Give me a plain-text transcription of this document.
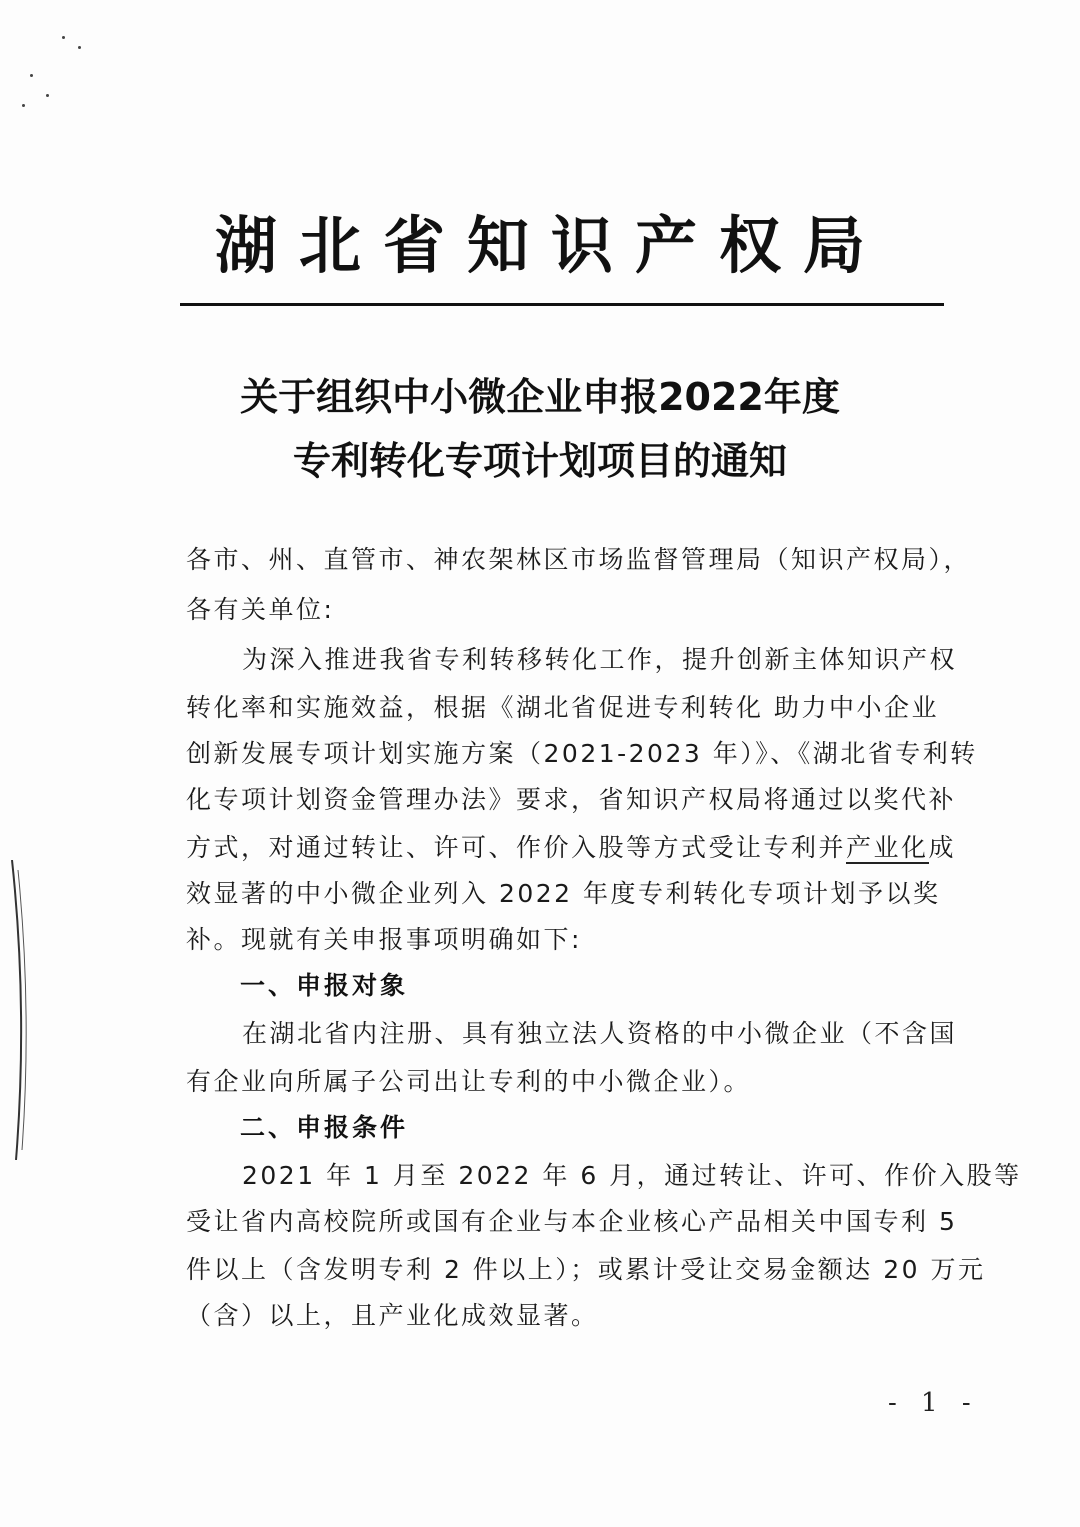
湖北省知识产权局
关于组织中小微企业申报2022年度
专利转化专项计划项目的通知
各市、州、直管市、神农架林区市场监督管理局（知识产权局），
各有关单位:
为深入推进我省专利转移转化工作，提升创新主体知识产权
转化率和实施效益，根据《湖北省促进专利转化 助力中小企业
创新发展专项计划实施方案（2021-2023 年）》、《湖北省专利转
化专项计划资金管理办法》要求，省知识产权局将通过以奖代补
方式，对通过转让、许可、作价入股等方式受让专利并产业化成
效显著的中小微企业列入 2022 年度专利转化专项计划予以奖
补。现就有关申报事项明确如下:
一、申报对象
在湖北省内注册、具有独立法人资格的中小微企业（不含国
有企业向所属子公司出让专利的中小微企业）。
二、申报条件
2021 年 1 月至 2022 年 6 月，通过转让、许可、作价入股等
受让省内高校院所或国有企业与本企业核心产品相关中国专利 5
件以上（含发明专利 2 件以上）；或累计受让交易金额达 20 万元
（含）以上，且产业化成效显著。
- 1 -
